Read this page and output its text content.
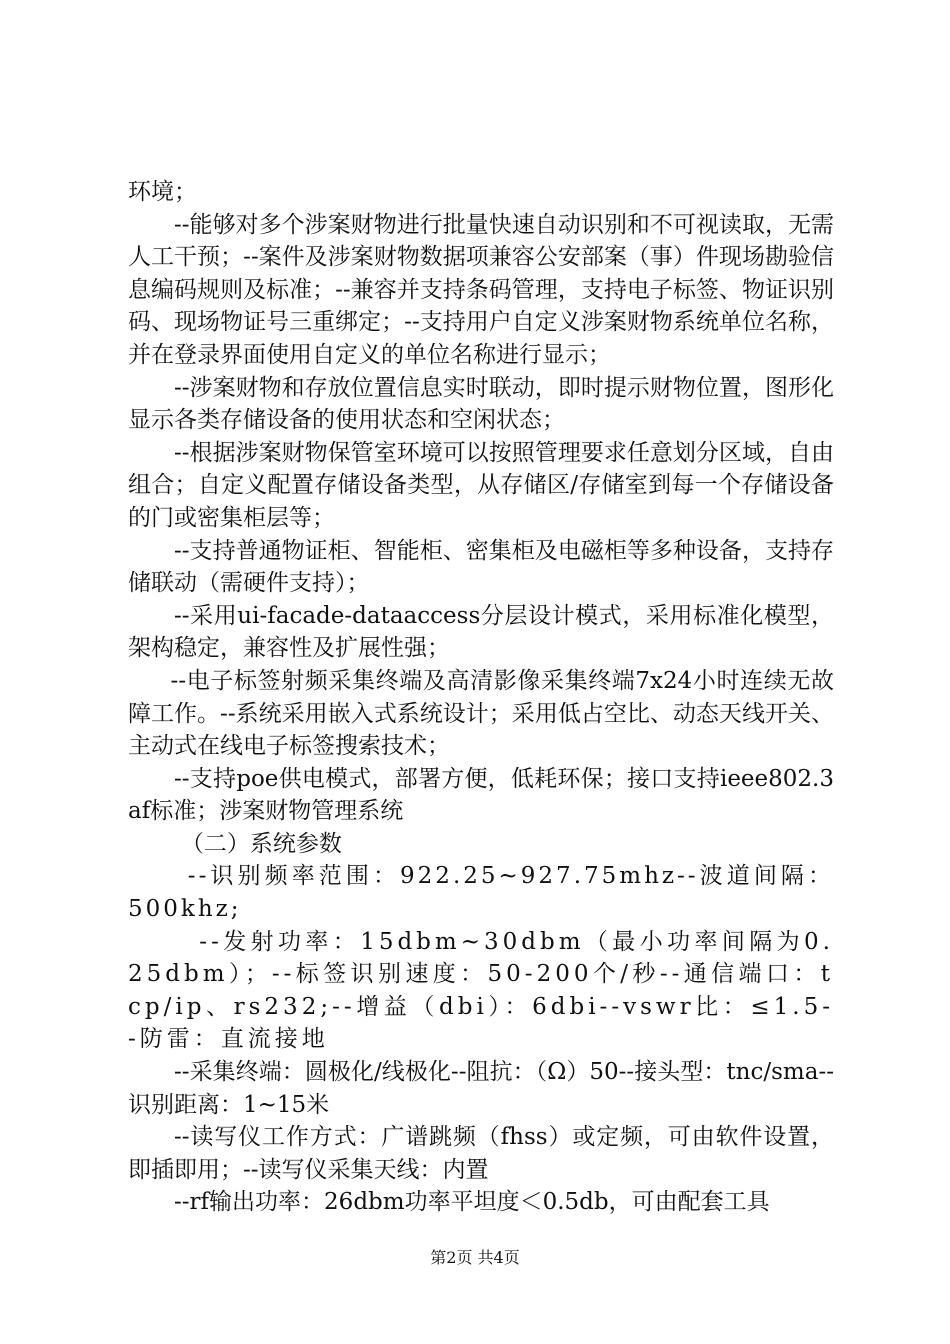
环境；

--能够对多个涉案财物进行批量快速自动识别和不可视读取，无需人工干预；--案件及涉案财物数据项兼容公安部案（事）件现场勘验信息编码规则及标准；--兼容并支持条码管理，支持电子标签、物证识别码、现场物证号三重绑定；--支持用户自定义涉案财物系统单位名称，并在登录界面使用自定义的单位名称进行显示；

--涉案财物和存放位置信息实时联动，即时提示财物位置，图形化显示各类存储设备的使用状态和空闲状态；

--根据涉案财物保管室环境可以按照管理要求任意划分区域，自由组合；自定义配置存储设备类型，从存储区/存储室到每一个存储设备的门或密集柜层等；

--支持普通物证柜、智能柜、密集柜及电磁柜等多种设备，支持存储联动（需硬件支持）；

--采用ui-facade-dataaccess分层设计模式，采用标准化模型，架构稳定，兼容性及扩展性强；

--电子标签射频采集终端及高清影像采集终端7x24小时连续无故障工作。--系统采用嵌入式系统设计；采用低占空比、动态天线开关、主动式在线电子标签搜索技术；

--支持poe供电模式，部署方便，低耗环保；接口支持ieee802.3af标准；涉案财物管理系统

（二）系统参数

--识别频率范围：922.25~927.75mhz--波道间隔：500khz;

--发射功率：15dbm~30dbm（最小功率间隔为0.25dbm）；--标签识别速度：50-200个/秒--通信端口：tcp/ip、rs232;--增益（dbi）：6dbi--vswr比：≤1.5--防雷：直流接地

--采集终端：圆极化/线极化--阻抗：（Ω）50--接头型：tnc/sma--识别距离：1~15米

--读写仪工作方式：广谱跳频（fhss）或定频，可由软件设置，即插即用；--读写仪采集天线：内置

--rf输出功率：26dbm功率平坦度＜0.5db，可由配套工具

第2页 共4页
